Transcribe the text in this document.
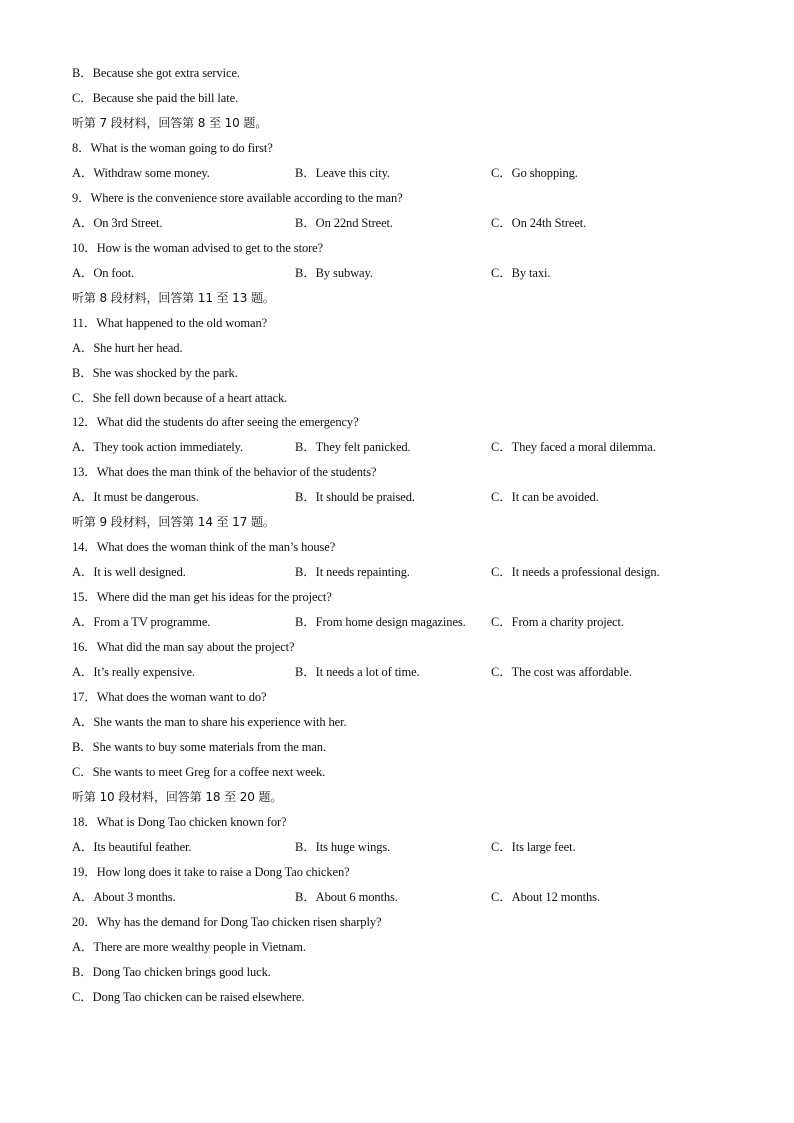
B．Because she got extra service.
C．Because she paid the bill late.
听第 7 段材料，回答第 8 至 10 题。
8．What is the woman going to do first?
A．Withdraw some money.	B．Leave this city.	C．Go shopping.
9．Where is the convenience store available according to the man?
A．On 3rd Street.	B．On 22nd Street.	C．On 24th Street.
10．How is the woman advised to get to the store?
A．On foot.	B．By subway.	C．By taxi.
听第 8 段材料，回答第 11 至 13 题。
11．What happened to the old woman?
A．She hurt her head.
B．She was shocked by the park.
C．She fell down because of a heart attack.
12．What did the students do after seeing the emergency?
A．They took action immediately.	B．They felt panicked.	C．They faced a moral dilemma.
13．What does the man think of the behavior of the students?
A．It must be dangerous.	B．It should be praised.	C．It can be avoided.
听第 9 段材料，回答第 14 至 17 题。
14．What does the woman think of the man’s house?
A．It is well designed.	B．It needs repainting.	C．It needs a professional design.
15．Where did the man get his ideas for the project?
A．From a TV programme.	B．From home design magazines. C．From a charity project.
16．What did the man say about the project?
A．It’s really expensive.	B．It needs a lot of time.	C．The cost was affordable.
17．What does the woman want to do?
A．She wants the man to share his experience with her.
B．She wants to buy some materials from the man.
C．She wants to meet Greg for a coffee next week.
听第 10 段材料，回答第 18 至 20 题。
18．What is Dong Tao chicken known for?
A．Its beautiful feather.	B．Its huge wings.	C．Its large feet.
19．How long does it take to raise a Dong Tao chicken?
A．About 3 months.	B．About 6 months.	C．About 12 months.
20．Why has the demand for Dong Tao chicken risen sharply?
A．There are more wealthy people in Vietnam.
B．Dong Tao chicken brings good luck.
C．Dong Tao chicken can be raised elsewhere.
